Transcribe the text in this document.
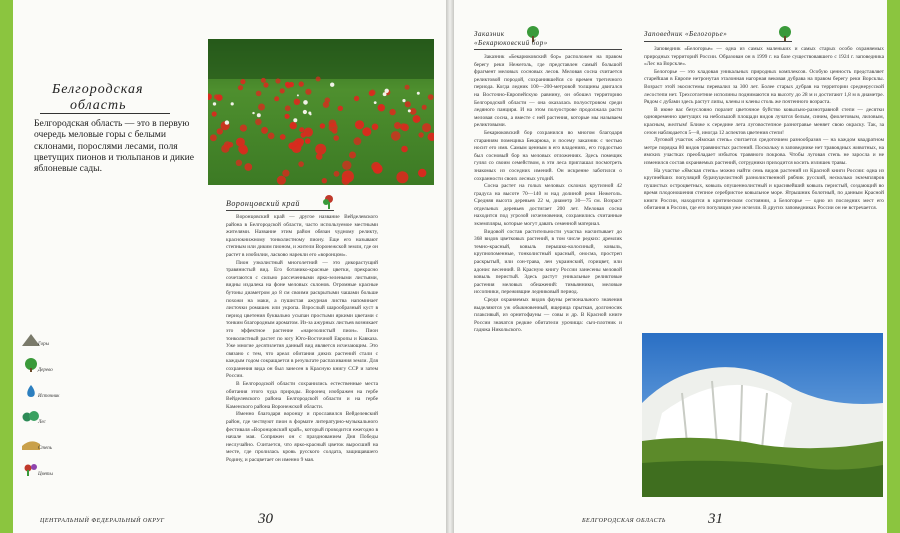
Белгородская
область
Белгородская область — это в первую очередь меловые горы с белыми склонами, порослями лесами, поля цветущих пионов и тюльпанов и дикие яблоневые сады.
Воронцовский край

Воронцовский край — другое название Вейделевского района в Белгородской области, часто используемое местными жителями. Название этим район обязан чудному реликту, краснокнижному тонколистному пиону. Еще его называют степным или диким пионом, и жители Воронежской земли, где он растет в изобилии, ласково нарекли его «воронцом».

Пион узколистный многолетний — это дикорастущий травянистый вид. Его ботанико-красные цветки, прекрасно сочетаются с сильно рассеченными ярко-зелеными листьями, видны издалека на фоне меловых склонов. Огромные красные бутоны диаметром до 8 см своими раскрытыми чашами больше похожи на маки, а пушистая ажурная листва напоминает листочки ромашек или укропа. Взрослый шарообразный куст в период цветения буквально усыпан простыми яркими цветами с тонким благородным ароматом. Из-за ажурных листьев возникает это эффектное растение «нарезолистый пион». Пион тонколистный растет по югу Юго-Восточной Европы и Кавказа. Уже многие десятилетия данный вид является исчезающим. Это связано с тем, что ареал обитания диких растений стали с каждым годом сокращается в результате распахивания земли. Для сохранения вида он был занесен в Красную книгу ССР и затем России.

В Белгородской области сохранились естественные места обитания этого чуда природы. Воронец изображен на гербе Вейделевского района Белгородской области и на гербе Каменского района Воронежской области.

Именно благодаря воронцу и прославился Вейделевский район, где чествуют пион в формате литературно-музыкального фестиваля «Воронцовский край», который проводится ежегодно в начале мая. Сопряжен он с празднованием Дня Победы неслучайно. Считается, что ярко-красный цветок выросший на месте, где пролилась кровь русского солдата, защищавшего Родину, и расцветает он именно 9 мая.

Горы
Дерево
Источник
Лес
Степь
Цветы
ЦЕНТРАЛЬНЫЙ ФЕДЕРАЛЬНЫЙ ОКРУГ	30
Заказник
«Бекарюковский бор»

Заказник «Бекарюковский бор» расположен на правом берегу реки Нежеголь, где представлен самый большой фрагмент меловых сосновых лесов. Меловая сосна считается реликтовой породой, сохранившейся со времен третичного периода. Когда ледник 100—200-метровой толщины двигался на Восточно-Европейскую равнину, он обошел территорию Белгородской области — она оказалась полуостровом среди ледяного панциря. И на этом полуострове продолжала расти меловая сосна, а вместе с ней растения, которые мы называем реликтовыми.

Бекарюковский бор сохранился во многом благодаря стараниям помещика Бекарюка, и посему заказник с честью носит его имя. Самым ценным в его владениях, его гордостью был сосновый бор на меловых отложениях. Здесь помещик гулял со своим семейством, в эти леса приглашал посмотреть знакомых из соседних имений. Он искренне заботился о сохранности своих лесных угодий.

Сосна растет на голых меловых склонах крутизной 42 градуса на высоте 70—140 м над долиной реки Нежеголь. Средняя высота деревьев 22 м, диаметр 30—75 см. Возраст отдельных деревьев достигает 200 лет. Меловая сосна находится под угрозой исчезновения, сохранились считанные экземпляры, которые могут давать семенной материал.

Видовой состав растительности участка насчитывает до 368 видов цветковых растений, в том числе редких: дремлик темно-красный, ковыль перышко-колосиный, ковыль, крупнопоменные, тонколистный красный, оносма, простреп раскрытый, или сон-трава, лен украинский, горицвет, или адонис весенний. В Красную книгу России занесены меловой ковыль перистый. Здесь растут уникальные реликтовые растения меловых обнажений: тимьянники, меловые иссопники, переживщие ледниковый период.

Среди охраняемых видов фауны регионального значения выделяются уж обыкновенный, ящерица прыткая, долгоносик плаксивый, из орнитофауны — совы и др. В Красной книге России значатся редкие обитатели урочища: сыч-плотник и гадюка Никольского.

Заповедник «Белогорье»

Заповедник «Белогорье» — одна из самых маленьких и самых старых особо охраняемых природных территорий России. Образован он в 1999 г. на базе существовавшего с 1924 г. заповедника «Лес на Ворскле».

Белогорье — это кладовая уникальных природных комплексов. Особую ценность представляет старейшая в Европе нетронутая эталонная нагорная вековая дубрава на правом берегу реки Ворсклы. Возраст этой экосистемы перевалил за 300 лет. Более старых дубрав на территории среднерусской лесостепи нет. Трехсотлетние исполины поднимаются на высоту до 28 м и достигают 1,8 м в диаметре. Рядом с дубами здесь растут липы, клены и клены столь же почтенного возраста.

В июне вас безусловно поразит цветочное буйство ковыльно-разнотравной степи — десятки одновременно цветущих на небольшой площади видов лучатся белым, синим, фиолетовым, лиловым, красным, желтым! Ближе к середине лета луговостепное разнотравье меняет свою окраску. Так, за сезон наблюдается 5—8, иногда 12 аспектов цветения степи!

Луговой участок «Ямская степь» считается средоточием разнообразия — на каждом квадратном метре порядка 80 видов травянистых растений. Поскольку в заповеднике нет травоядных животных, на ямских участках преобладает избыток травяного покрова. Чтобы луговая степь не заросла и не изменился состав охраняемых растений, сотрудники приходится косить излишек травы.

На участке «Ямская степь» можно найти семь видов растений из Красной книги России: одна из крупнейших популяций бурачуцелистной разнолиственной рябчик русский, несколько экземпляров пушистых остроцветных, ковыль опушеннолистный и красивейший ковыль перистый, создающий во время плодоношения степное серебристое ковыльное море. Ятрышник болотный, по данным Красной книги России, находится в критическом состоянии, а Белогорье — одно из последних мест его обитания в России, где его популяция уже исчезли. В других заповедниках России он не встречается.

БЕЛГОРОДСКАЯ ОБЛАСТЬ	31
